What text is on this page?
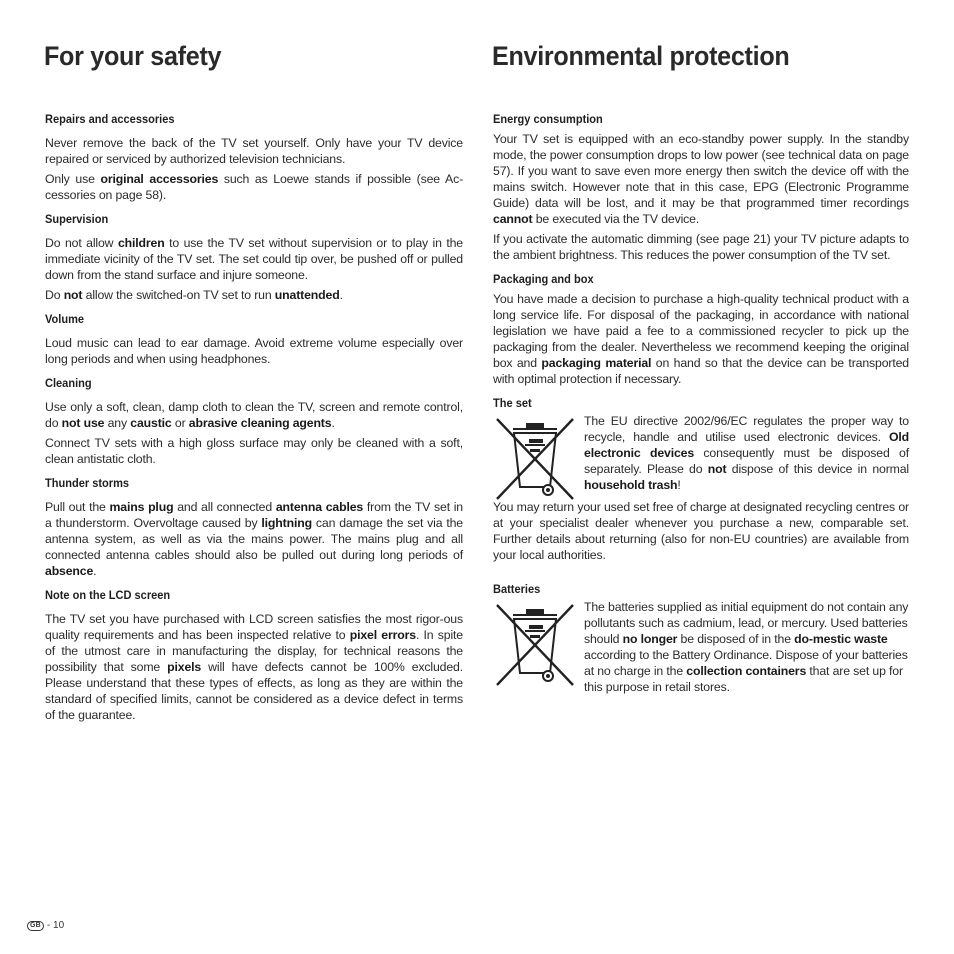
For your safety
Repairs and accessories

Never remove the back of the TV set yourself. Only have your TV device repaired or serviced by authorized television technicians.

Only use original accessories such as Loewe stands if possible (see Ac-cessories on page 58).

Supervision

Do not allow children to use the TV set without supervision or to play in the immediate vicinity of the TV set. The set could tip over, be pushed off or pulled down from the stand surface and injure someone.

Do not allow the switched-on TV set to run unattended.

Volume

Loud music can lead to ear damage. Avoid extreme volume especially over long periods and when using headphones.

Cleaning

Use only a soft, clean, damp cloth to clean the TV, screen and remote control, do not use any caustic or abrasive cleaning agents.

Connect TV sets with a high gloss surface may only be cleaned with a soft, clean antistatic cloth.

Thunder storms

Pull out the mains plug and all connected antenna cables from the TV set in a thunderstorm. Overvoltage caused by lightning can damage the set via the antenna system, as well as via the mains power. The mains plug and all connected antenna cables should also be pulled out during long periods of absence.

Note on the LCD screen

The TV set you have purchased with LCD screen satisfies the most rigor-ous quality requirements and has been inspected relative to pixel errors. In spite of the utmost care in manufacturing the display, for technical reasons the possibility that some pixels will have defects cannot be 100% excluded. Please understand that these types of effects, as long as they are within the standard of specified limits, cannot be considered as a device defect in terms of the guarantee.

Environmental protection
Energy consumption

Your TV set is equipped with an eco-standby power supply. In the standby mode, the power consumption drops to low power (see technical data on page 57). If you want to save even more energy then switch the device off with the mains switch. However note that in this case, EPG (Electronic Programme Guide) data will be lost, and it may be that programmed timer recordings cannot be executed via the TV device.

If you activate the automatic dimming (see page 21) your TV picture adapts to the ambient brightness. This reduces the power consumption of the TV set.

Packaging and box

You have made a decision to purchase a high-quality technical product with a long service life. For disposal of the packaging, in accordance with national legislation we have paid a fee to a commissioned recycler to pick up the packaging from the dealer. Nevertheless we recommend keeping the original box and packaging material on hand so that the device can be transported with optimal protection if necessary.

The set

The EU directive 2002/96/EC regulates the proper way to recycle, handle and utilise used electronic devices. Old electronic devices consequently must be disposed of separately. Please do not dispose of this device in normal household trash!

You may return your used set free of charge at designated recycling centres or at your specialist dealer whenever you purchase a new, comparable set. Further details about returning (also for non-EU countries) are available from your local authorities.

Batteries

The batteries supplied as initial equipment do not contain any pollutants such as cadmium, lead, or mercury. Used batteries should no longer be disposed of in the do-mestic waste according to the Battery Ordinance. Dispose of your batteries at no charge in the collection containers that are set up for this purpose in retail stores.

GB - 10
